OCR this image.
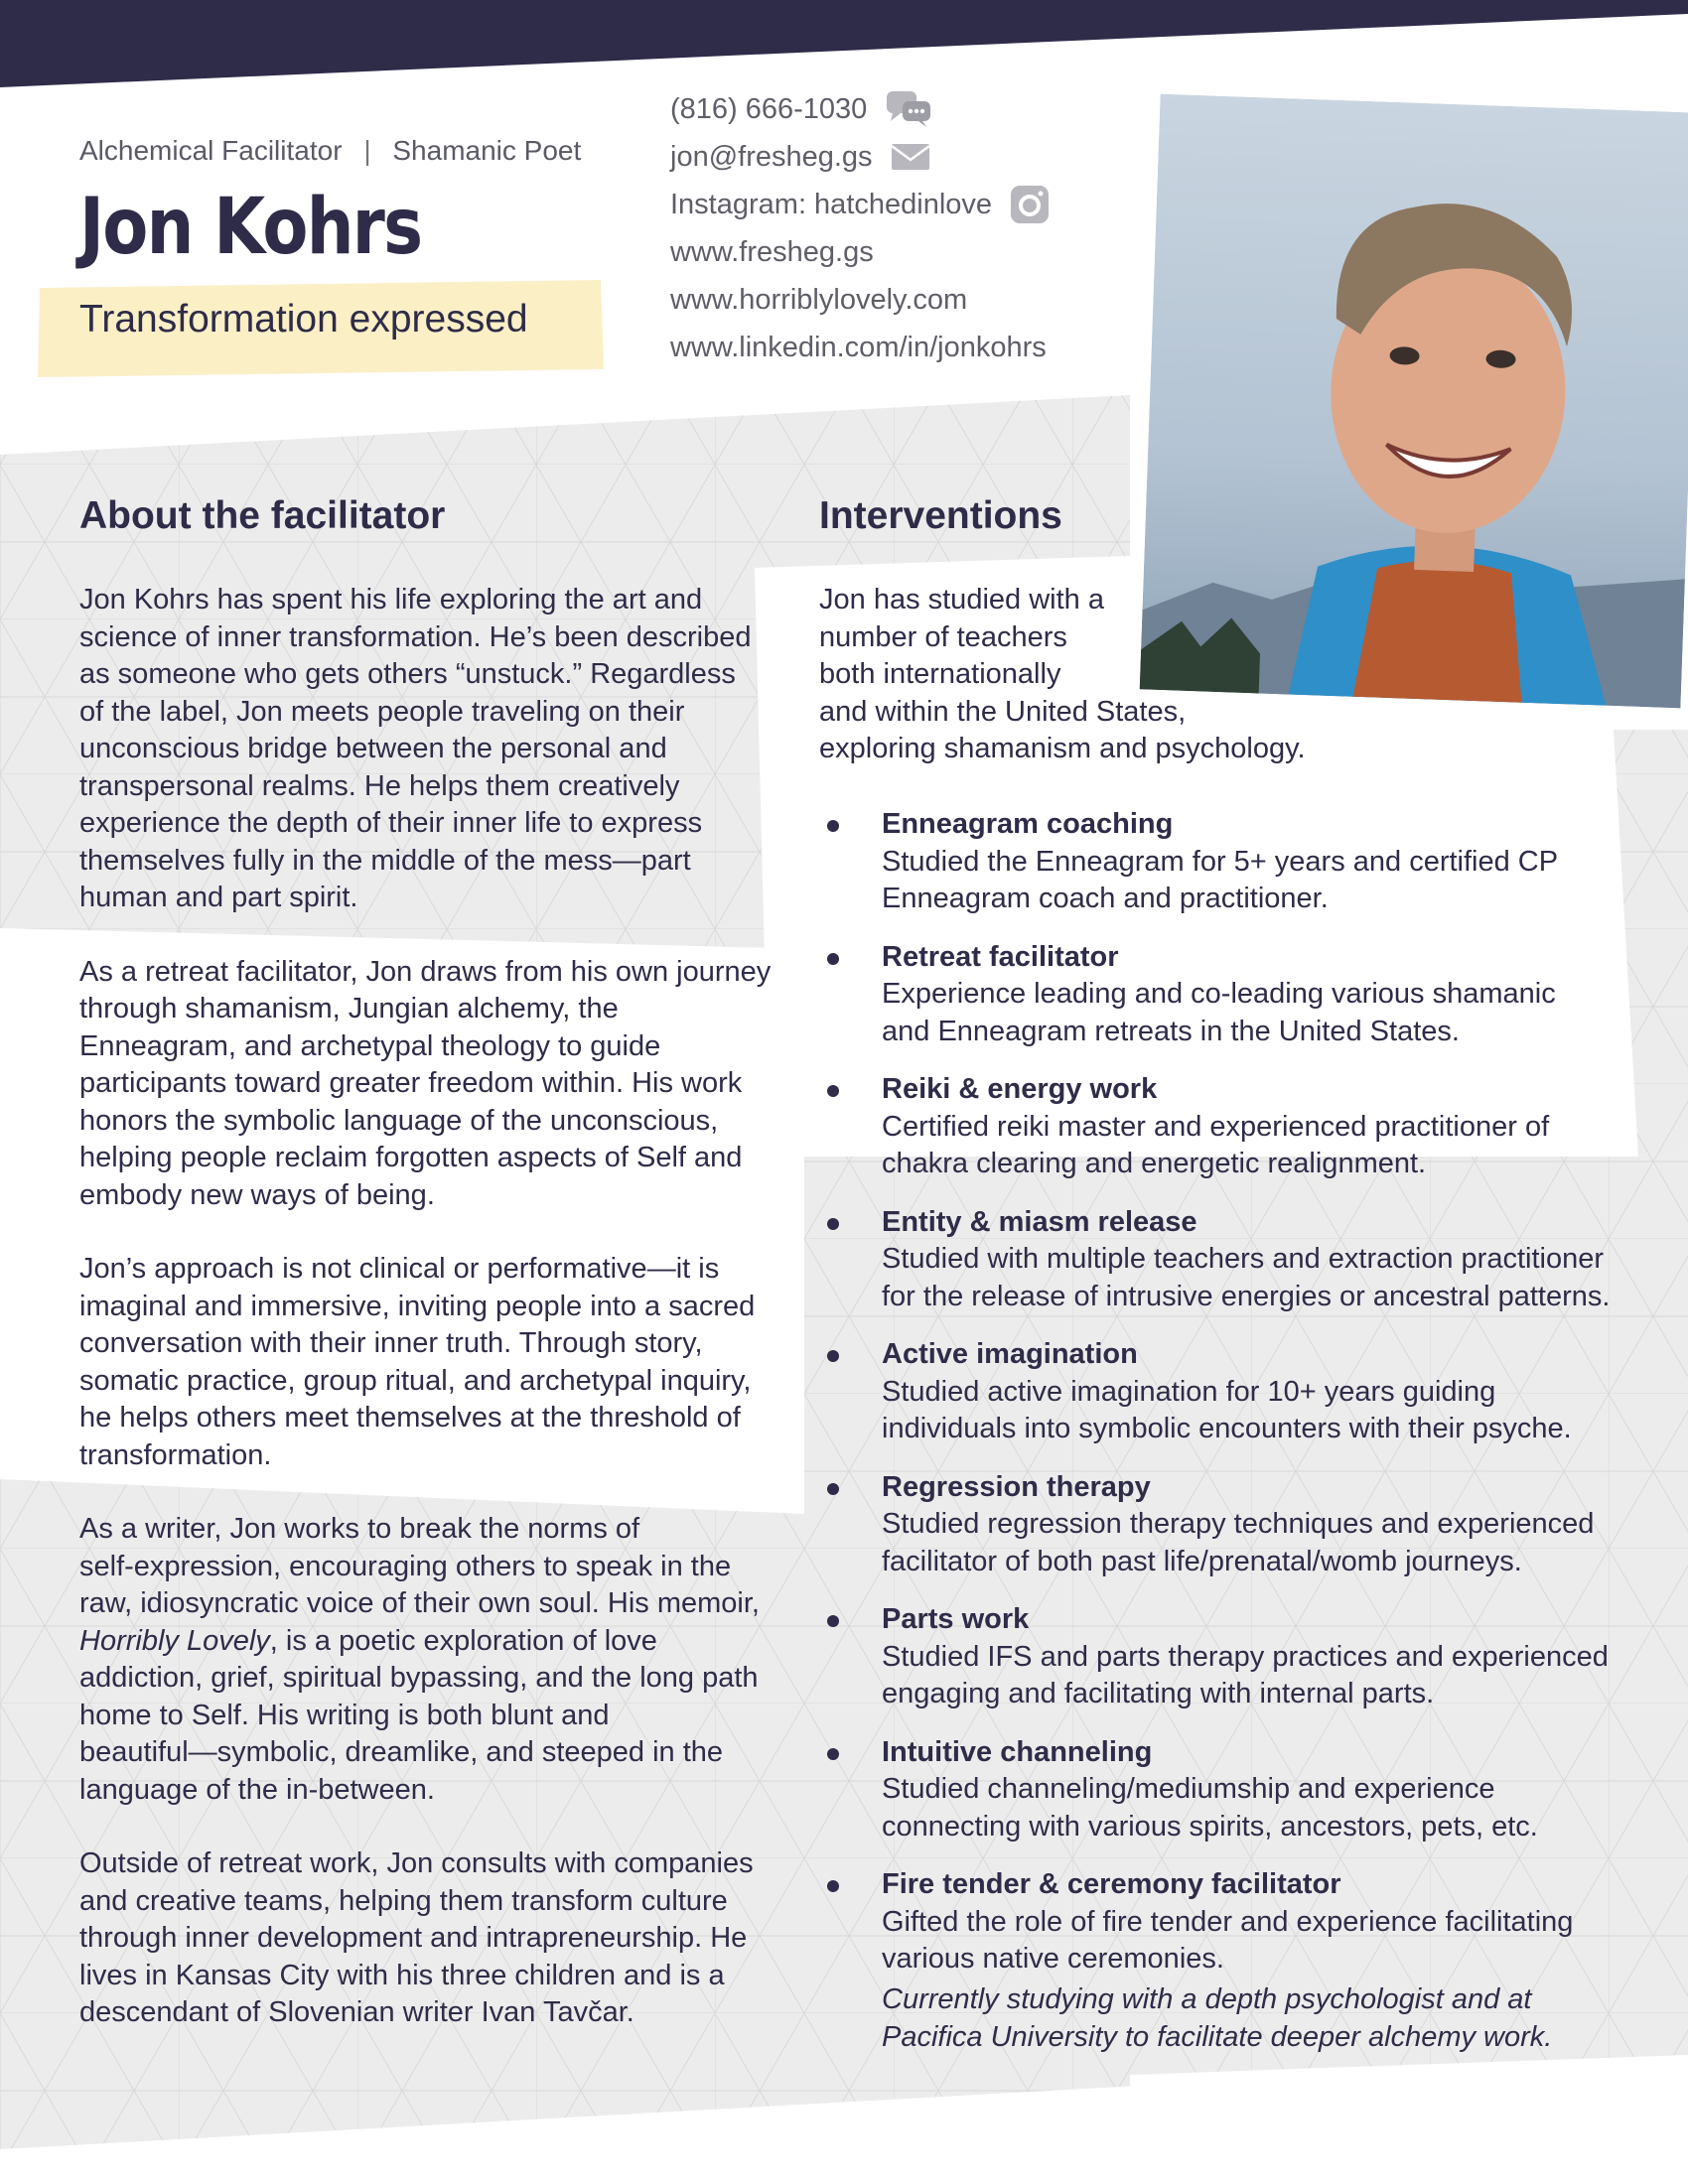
Alchemical Facilitator | Shamanic Poet
Jon Kohrs
Transformation expressed
(816) 666-1030
jon@fresheg.gs
Instagram: hatchedinlove
www.fresheg.gs
www.horriblylovely.com
www.linkedin.com/in/jonkohrs
About the facilitator	Interventions

Jon Kohrs has spent his life exploring the art and
science of inner transformation. He’s been described
as someone who gets others “unstuck.” Regardless
of the label, Jon meets people traveling on their
unconscious bridge between the personal and
transpersonal realms. He helps them creatively
experience the depth of their inner life to express
themselves fully in the middle of the mess—part
human and part spirit.

As a retreat facilitator, Jon draws from his own journey
through shamanism, Jungian alchemy, the
Enneagram, and archetypal theology to guide
participants toward greater freedom within. His work
honors the symbolic language of the unconscious,
helping people reclaim forgotten aspects of Self and
embody new ways of being.

Jon’s approach is not clinical or performative—it is
imaginal and immersive, inviting people into a sacred
conversation with their inner truth. Through story,
somatic practice, group ritual, and archetypal inquiry,
he helps others meet themselves at the threshold of
transformation.

As a writer, Jon works to break the norms of
self-expression, encouraging others to speak in the
raw, idiosyncratic voice of their own soul. His memoir,
Horribly Lovely, is a poetic exploration of love
addiction, grief, spiritual bypassing, and the long path
home to Self. His writing is both blunt and
beautiful—symbolic, dreamlike, and steeped in the
language of the in-between.

Outside of retreat work, Jon consults with companies
and creative teams, helping them transform culture
through inner development and intrapreneurship. He
lives in Kansas City with his three children and is a
descendant of Slovenian writer Ivan Tavčar.

Jon has studied with a
number of teachers
both internationally
and within the United States,
exploring shamanism and psychology.
Enneagram coaching
Studied the Enneagram for 5+ years and certified CP
Enneagram coach and practitioner.
Retreat facilitator
Experience leading and co-leading various shamanic
and Enneagram retreats in the United States.
Reiki & energy work
Certified reiki master and experienced practitioner of
chakra clearing and energetic realignment.
Entity & miasm release
Studied with multiple teachers and extraction practitioner
for the release of intrusive energies or ancestral patterns.
Active imagination
Studied active imagination for 10+ years guiding
individuals into symbolic encounters with their psyche.
Regression therapy
Studied regression therapy techniques and experienced
facilitator of both past life/prenatal/womb journeys.
Parts work
Studied IFS and parts therapy practices and experienced
engaging and facilitating with internal parts.
Intuitive channeling
Studied channeling/mediumship and experience
connecting with various spirits, ancestors, pets, etc.
Fire tender & ceremony facilitator
Gifted the role of fire tender and experience facilitating
various native ceremonies.
Currently studying with a depth psychologist and at
Pacifica University to facilitate deeper alchemy work.
